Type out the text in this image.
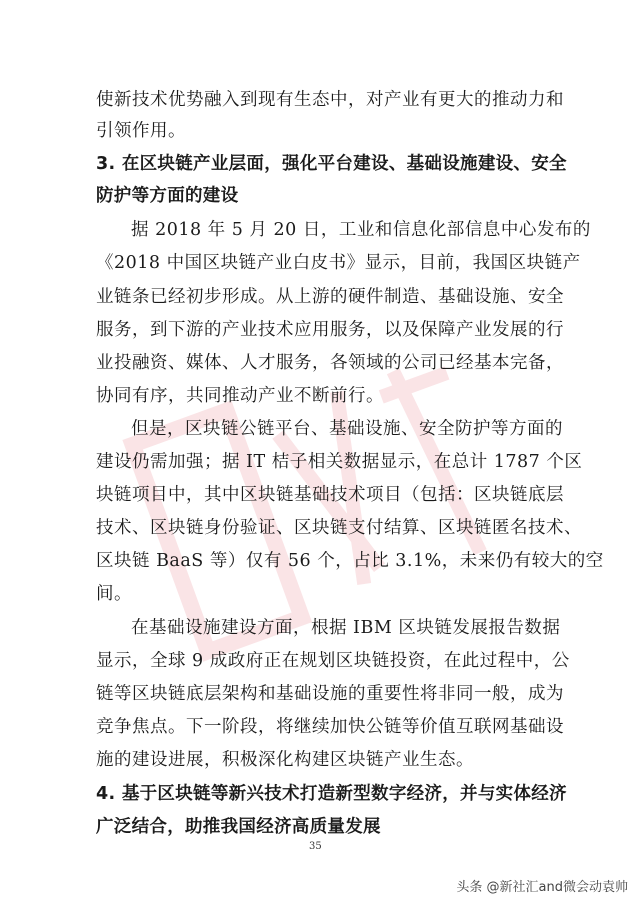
使新技术优势融入到现有生态中，对产业有更大的推动力和
引领作用。
3. 在区块链产业层面，强化平台建设、基础设施建设、安全
防护等方面的建设
据 2018 年 5 月 20 日，工业和信息化部信息中心发布的
《2018 中国区块链产业白皮书》显示，目前，我国区块链产
业链条已经初步形成。从上游的硬件制造、基础设施、安全
服务，到下游的产业技术应用服务，以及保障产业发展的行
业投融资、媒体、人才服务，各领域的公司已经基本完备，
协同有序，共同推动产业不断前行。
但是，区块链公链平台、基础设施、安全防护等方面的
建设仍需加强；据 IT 桔子相关数据显示，在总计 1787 个区
块链项目中，其中区块链基础技术项目（包括：区块链底层
技术、区块链身份验证、区块链支付结算、区块链匿名技术、
区块链 BaaS 等）仅有 56 个，占比 3.1%，未来仍有较大的空
间。
在基础设施建设方面，根据 IBM 区块链发展报告数据
显示，全球 9 成政府正在规划区块链投资，在此过程中，公
链等区块链底层架构和基础设施的重要性将非同一般，成为
竞争焦点。下一阶段，将继续加快公链等价值互联网基础设
施的建设进展，积极深化构建区块链产业生态。
4. 基于区块链等新兴技术打造新型数字经济，并与实体经济
广泛结合，助推我国经济高质量发展
35
头条 @新社汇and微会动袁帅
